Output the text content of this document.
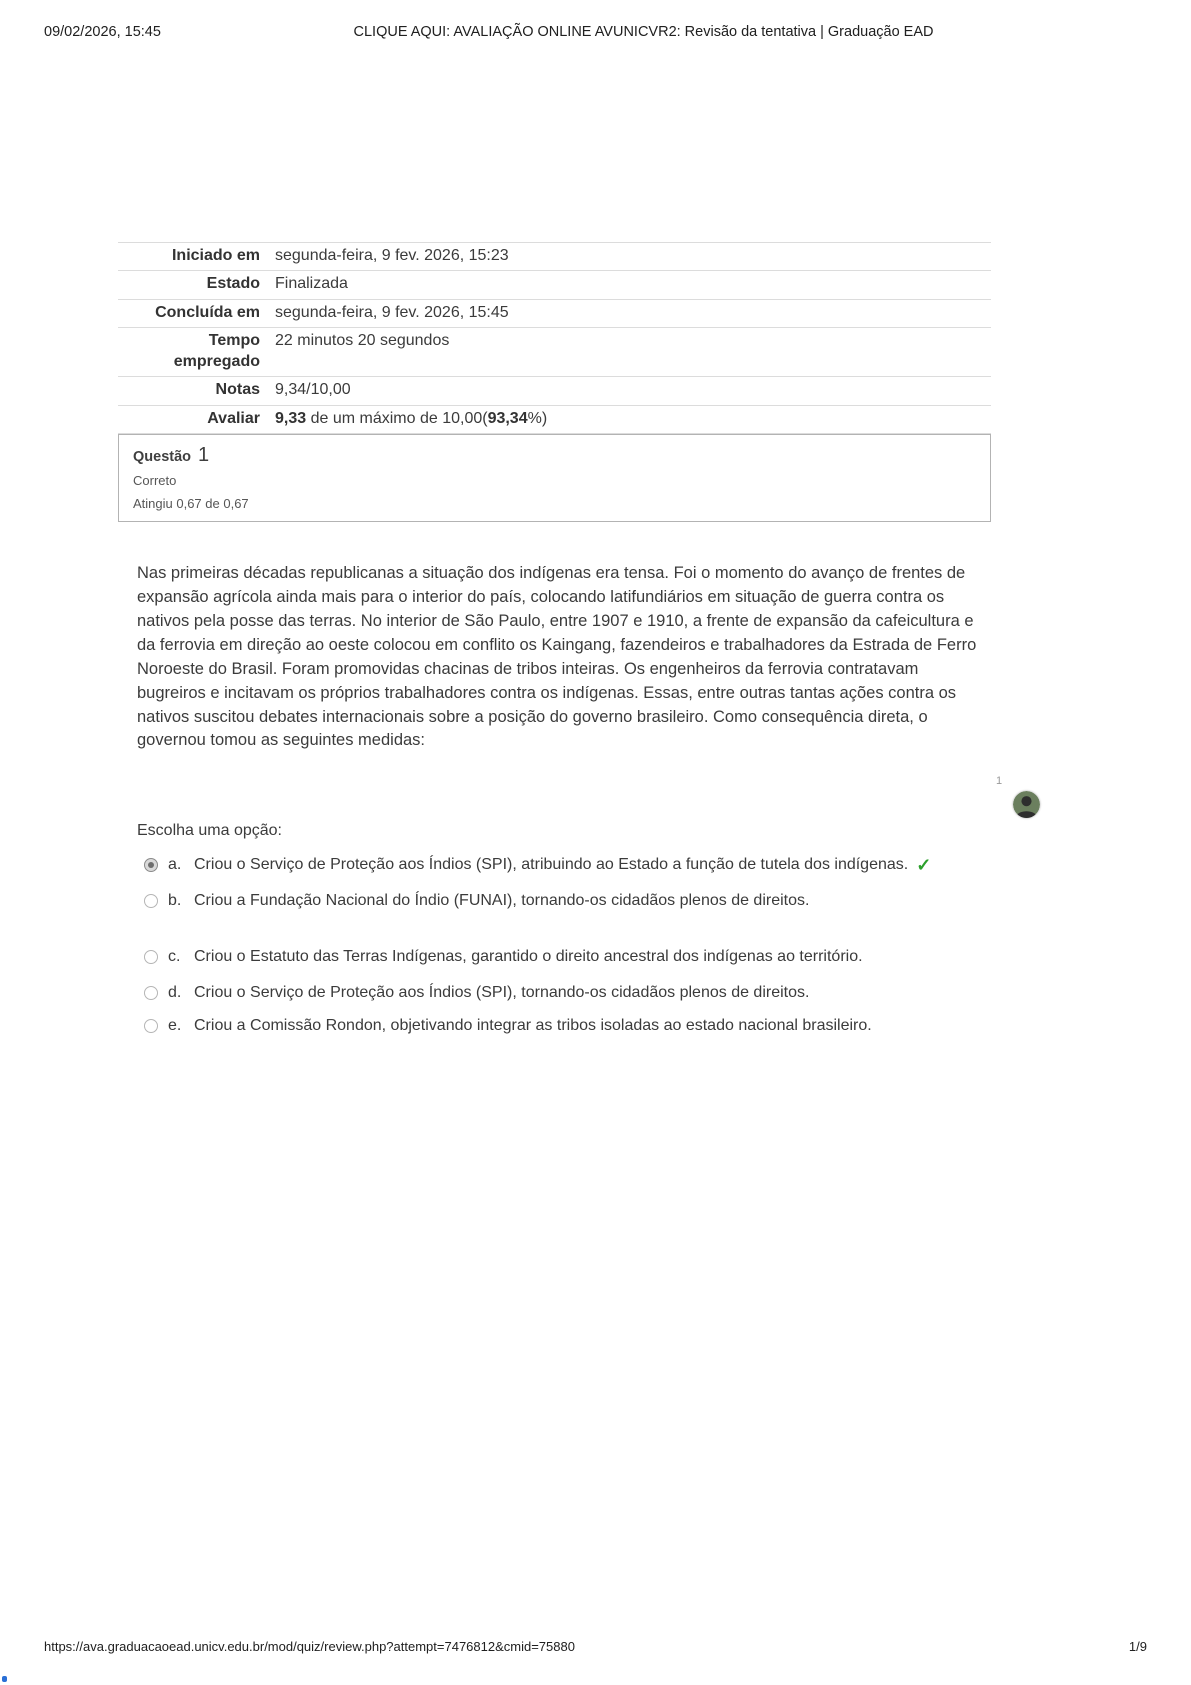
09/02/2026, 15:45	CLIQUE AQUI: AVALIAÇÃO ONLINE AVUNICVR2: Revisão da tentativa | Graduação EAD
Iniciado em segunda-feira, 9 fev. 2026, 15:23
Estado Finalizada
Concluída em segunda-feira, 9 fev. 2026, 15:45
Tempo empregado
22 minutos 20 segundos
Notas 9,34/10,00
Avaliar 9,33 de um máximo de 10,00(93,34%)
Questão 1
Correto
Atingiu 0,67 de 0,67
Nas primeiras décadas republicanas a situação dos indígenas era tensa. Foi o momento do avanço de frentes de expansão agrícola ainda mais para o interior do país, colocando latifundiários em situação de guerra contra os nativos pela posse das terras. No interior de São Paulo, entre 1907 e 1910, a frente de expansão da cafeicultura e da ferrovia em direção ao oeste colocou em conflito os Kaingang, fazendeiros e trabalhadores da Estrada de Ferro Noroeste do Brasil. Foram promovidas chacinas de tribos inteiras. Os engenheiros da ferrovia contratavam bugreiros e incitavam os próprios trabalhadores contra os indígenas. Essas, entre outras tantas ações contra os nativos suscitou debates internacionais sobre a posição do governo brasileiro. Como consequência direta, o governou tomou as seguintes medidas:
Escolha uma opção:
a. Criou o Serviço de Proteção aos Índios (SPI), atribuindo ao Estado a função de tutela dos indígenas. ✓
b. Criou a Fundação Nacional do Índio (FUNAI), tornando-os cidadãos plenos de direitos.
c. Criou o Estatuto das Terras Indígenas, garantido o direito ancestral dos indígenas ao território.
d. Criou o Serviço de Proteção aos Índios (SPI), tornando-os cidadãos plenos de direitos.
e. Criou a Comissão Rondon, objetivando integrar as tribos isoladas ao estado nacional brasileiro.
1
https://ava.graduacaoead.unicv.edu.br/mod/quiz/review.php?attempt=7476812&cmid=75880	1/9
